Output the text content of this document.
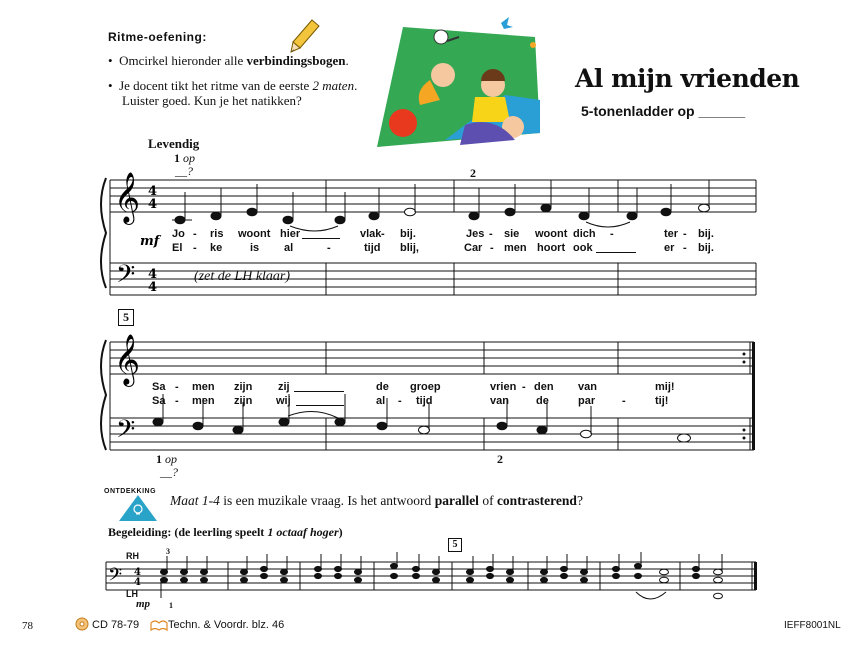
Ritme-oefening:
•  Omcirkel hieronder alle verbindingsbogen.
•  Je docent tikt het ritme van de eerste 2 maten.
Luister goed. Kun je het natikken?
Al mijn vrienden
5-tonenladder op ______
Levendig
1 op
__?	2
𝄞
𝄢
4
4
4
4
mf
(zet de LH klaar)
Jo - ris woont hier	vlak - bij.	Jes - sie woont dich -	ter - bij.
El - ke	is al	-	tijd blij,	Car - men hoort ook	er - bij.
5
𝄞
𝄢
Sa - men zijn zij	de groep	vrien - den van	mij!
Sa - men zijn wij	al - tijd	van de	par -	tij!
1 op
__?
2
ONTDEKKING
Maat 1-4 is een muzikale vraag. Is het antwoord parallel of contrasterend?
Begeleiding: (de leerling speelt 1 octaaf hoger)
5
RH
LH
mp
3
1
𝄢 4
4
78	CD 78-79	Techn. & Voordr. blz. 46	IEFF8001NL
